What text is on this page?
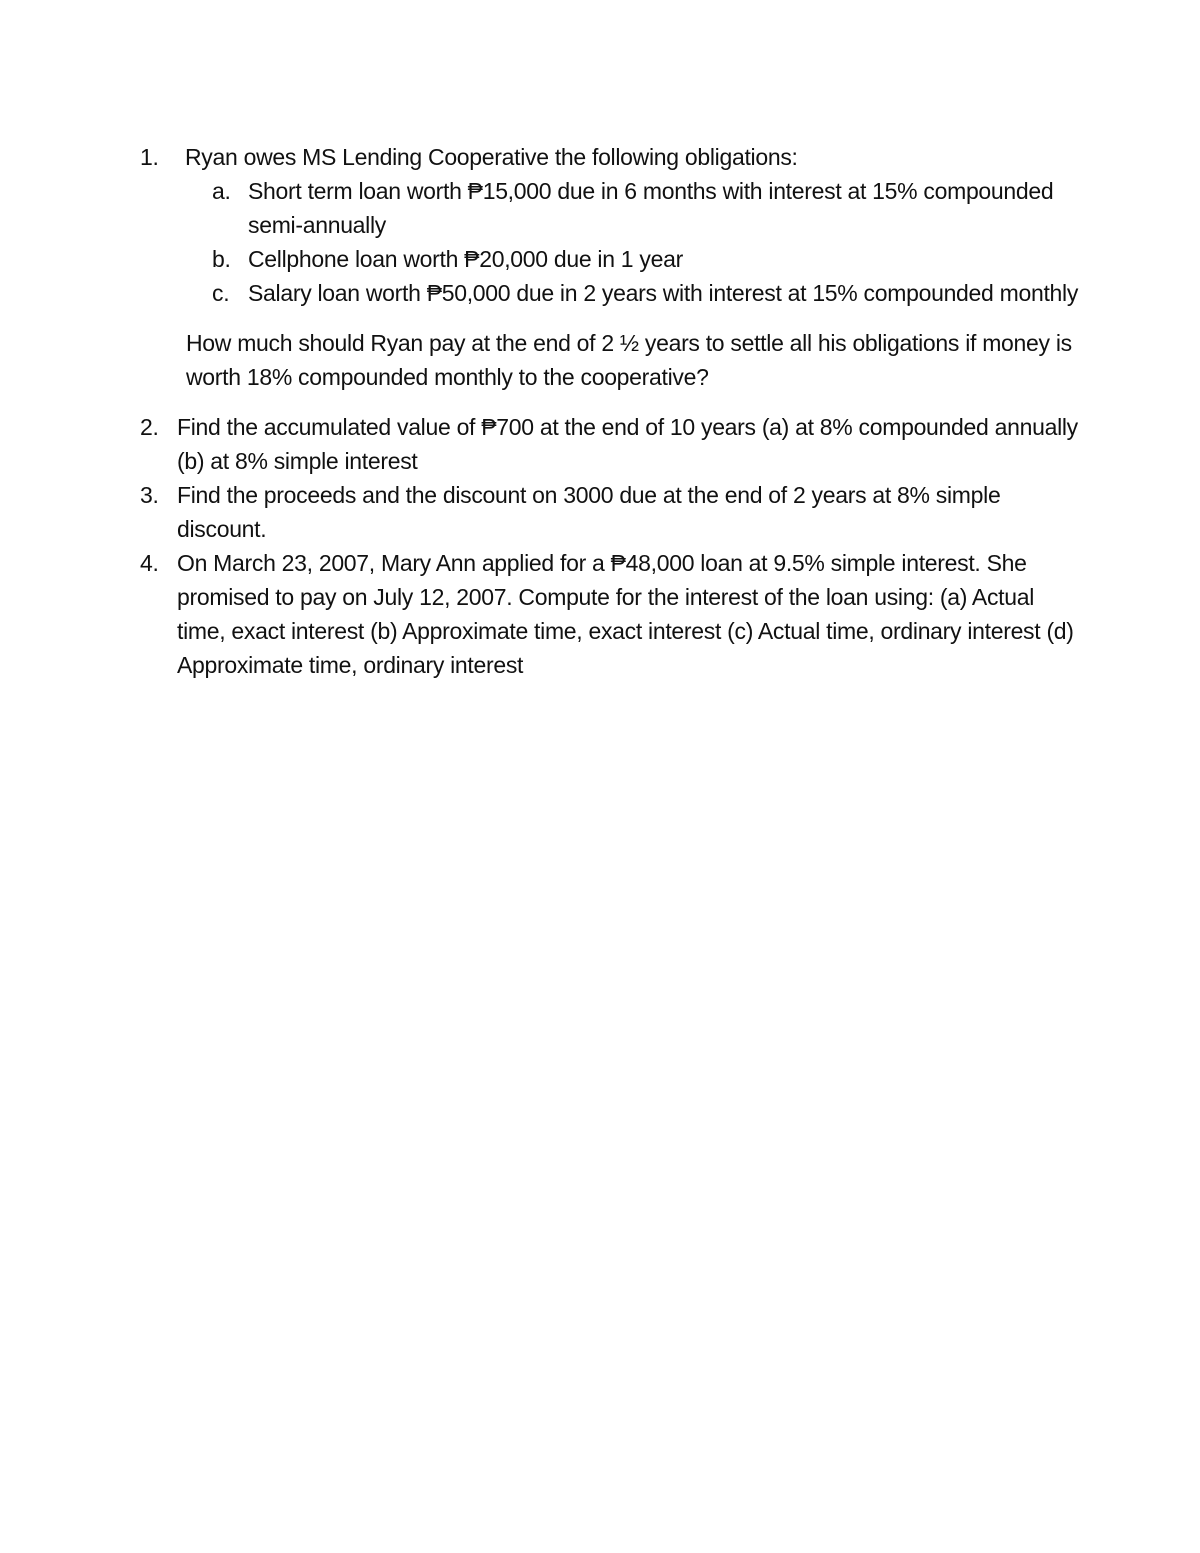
1.	Ryan owes MS Lending Cooperative the following obligations:
a. Short term loan worth ₱15,000 due in 6 months with interest at 15% compounded semi-annually
b. Cellphone loan worth ₱20,000 due in 1 year
c. Salary loan worth ₱50,000 due in 2 years with interest at 15% compounded monthly
How much should Ryan pay at the end of 2 ½ years to settle all his obligations if money is worth 18% compounded monthly to the cooperative?
2. Find the accumulated value of ₱700 at the end of 10 years (a) at 8% compounded annually (b) at 8% simple interest
3. Find the proceeds and the discount on 3000 due at the end of 2 years at 8% simple discount.
4. On March 23, 2007, Mary Ann applied for a ₱48,000 loan at 9.5% simple interest. She promised to pay on July 12, 2007. Compute for the interest of the loan using: (a) Actual time, exact interest (b) Approximate time, exact interest (c) Actual time, ordinary interest (d) Approximate time, ordinary interest
